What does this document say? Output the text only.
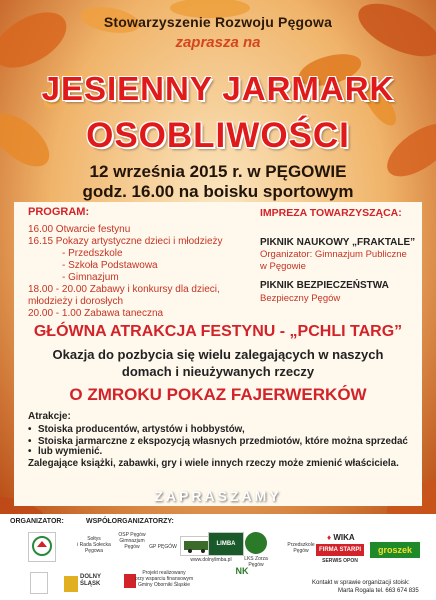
Stowarzyszenie Rozwoju Pęgowa
zaprasza na
JESIENNY JARMARK
OSOBLIWOŚCI
12 września 2015 r. w PĘGOWIE
godz. 16.00 na boisku sportowym
PROGRAM:
16.00 Otwarcie festynu
16.15 Pokazy artystyczne dzieci i młodzieży
- Przedszkole
- Szkoła Podstawowa
- Gimnazjum
18.00 - 20.00 Zabawy i konkursy dla dzieci,
młodzieży i dorosłych
20.00 - 1.00 Zabawa taneczna
IMPREZA TOWARZYSZĄCA:
PIKNIK NAUKOWY „FRAKTALE”
Organizator: Gimnazjum Publiczne
w Pęgowie
PIKNIK BEZPIECZEŃSTWA
Bezpieczny Pęgów
GŁÓWNA ATRAKCJA FESTYNU - „PCHLI TARG”
Okazja do pozbycia się wielu zalegających w naszych
domach i nieużywanych rzeczy
O ZMROKU POKAZ FAJERWERKÓW
Atrakcje:
• Stoiska producentów, artystów i hobbystów,
• Stoiska jarmarczne z ekspozycją własnych przedmiotów, które można sprzedać
• lub wymienić.
Zalegające książki, zabawki, gry i wiele innych rzeczy może zmienić właściciela.
ZAPRASZAMY
ORGANIZATOR:	WSPÓŁORGANIZATORZY:
Sołtys
i Rada Sołecka
Pęgowa
OSP Pęgów
Gimnazjum
Pęgów	GP PĘGÓW	LIMBA
www.dolnylimba.pl	LKS Zorza
Pęgów
Przedszkole
Pęgów
♦ WIKA
FIRMA STARPI
SERWIS OPON
groszek
DOLNY
ŚLĄSK
Projekt realizowany
przy wsparciu finansowym
Gminy Oborniki Śląskie
NK
Kontakt w sprawie organizacji stoisk:
Marta Rogala tel. 663 674 835
